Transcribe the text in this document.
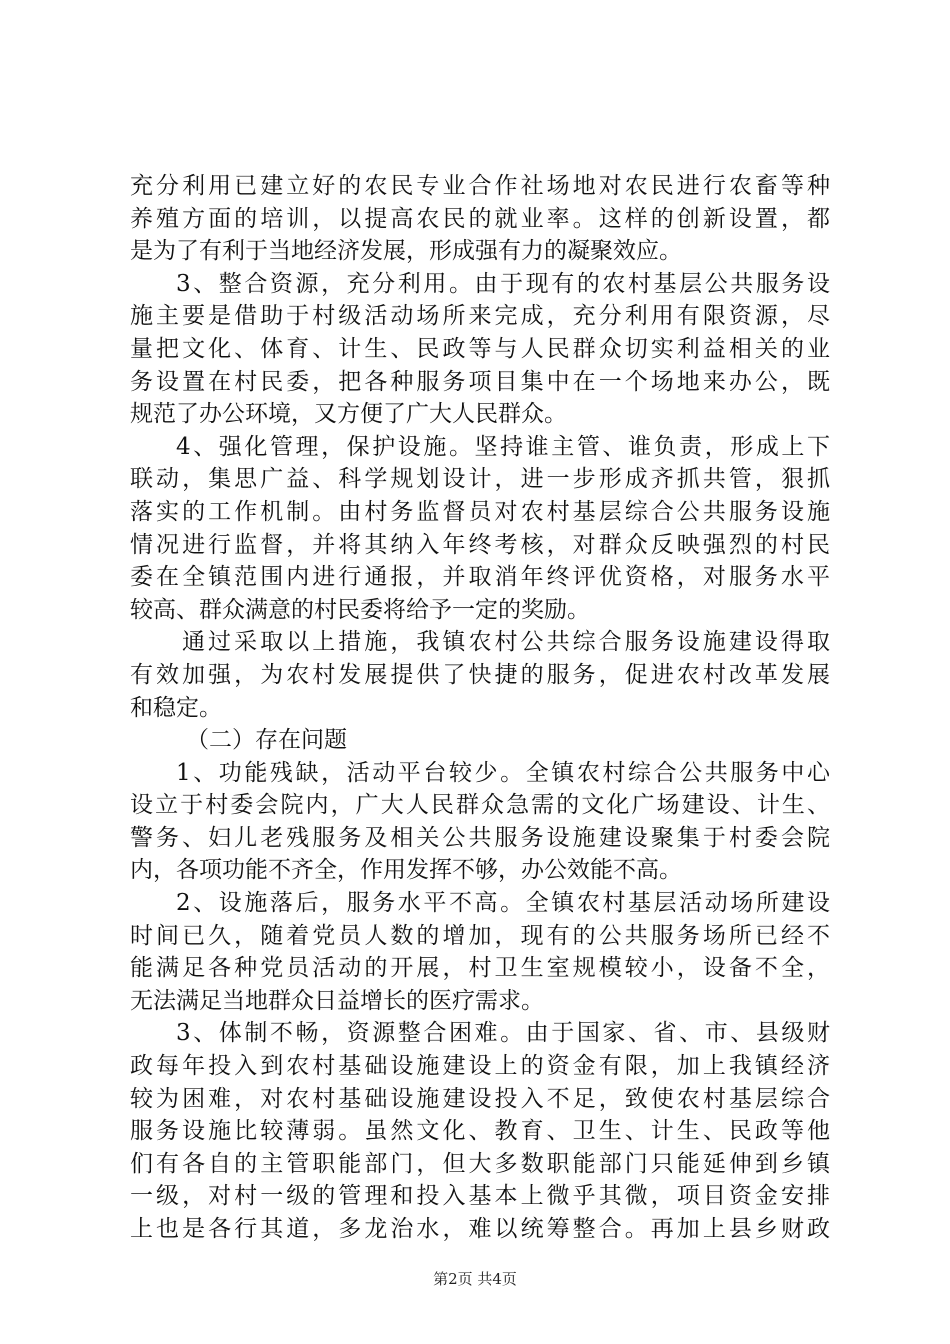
充分利用已建立好的农民专业合作社场地对农民进行农畜等种
养殖方面的培训，以提高农民的就业率。这样的创新设置，都
是为了有利于当地经济发展，形成强有力的凝聚效应。
3、整合资源，充分利用。由于现有的农村基层公共服务设
施主要是借助于村级活动场所来完成，充分利用有限资源，尽
量把文化、体育、计生、民政等与人民群众切实利益相关的业
务设置在村民委，把各种服务项目集中在一个场地来办公，既
规范了办公环境，又方便了广大人民群众。
4、强化管理，保护设施。坚持谁主管、谁负责，形成上下
联动，集思广益、科学规划设计，进一步形成齐抓共管，狠抓
落实的工作机制。由村务监督员对农村基层综合公共服务设施
情况进行监督，并将其纳入年终考核，对群众反映强烈的村民
委在全镇范围内进行通报，并取消年终评优资格，对服务水平
较高、群众满意的村民委将给予一定的奖励。
通过采取以上措施，我镇农村公共综合服务设施建设得取
有效加强，为农村发展提供了快捷的服务，促进农村改革发展
和稳定。
（二）存在问题
1、功能残缺，活动平台较少。全镇农村综合公共服务中心
设立于村委会院内，广大人民群众急需的文化广场建设、计生、
警务、妇儿老残服务及相关公共服务设施建设聚集于村委会院
内，各项功能不齐全，作用发挥不够，办公效能不高。
2、设施落后，服务水平不高。全镇农村基层活动场所建设
时间已久，随着党员人数的增加，现有的公共服务场所已经不
能满足各种党员活动的开展，村卫生室规模较小，设备不全，
无法满足当地群众日益增长的医疗需求。
3、体制不畅，资源整合困难。由于国家、省、市、县级财
政每年投入到农村基础设施建设上的资金有限，加上我镇经济
较为困难，对农村基础设施建设投入不足，致使农村基层综合
服务设施比较薄弱。虽然文化、教育、卫生、计生、民政等他
们有各自的主管职能部门，但大多数职能部门只能延伸到乡镇
一级，对村一级的管理和投入基本上微乎其微，项目资金安排
上也是各行其道，多龙治水，难以统筹整合。再加上县乡财政
第2页 共4页
